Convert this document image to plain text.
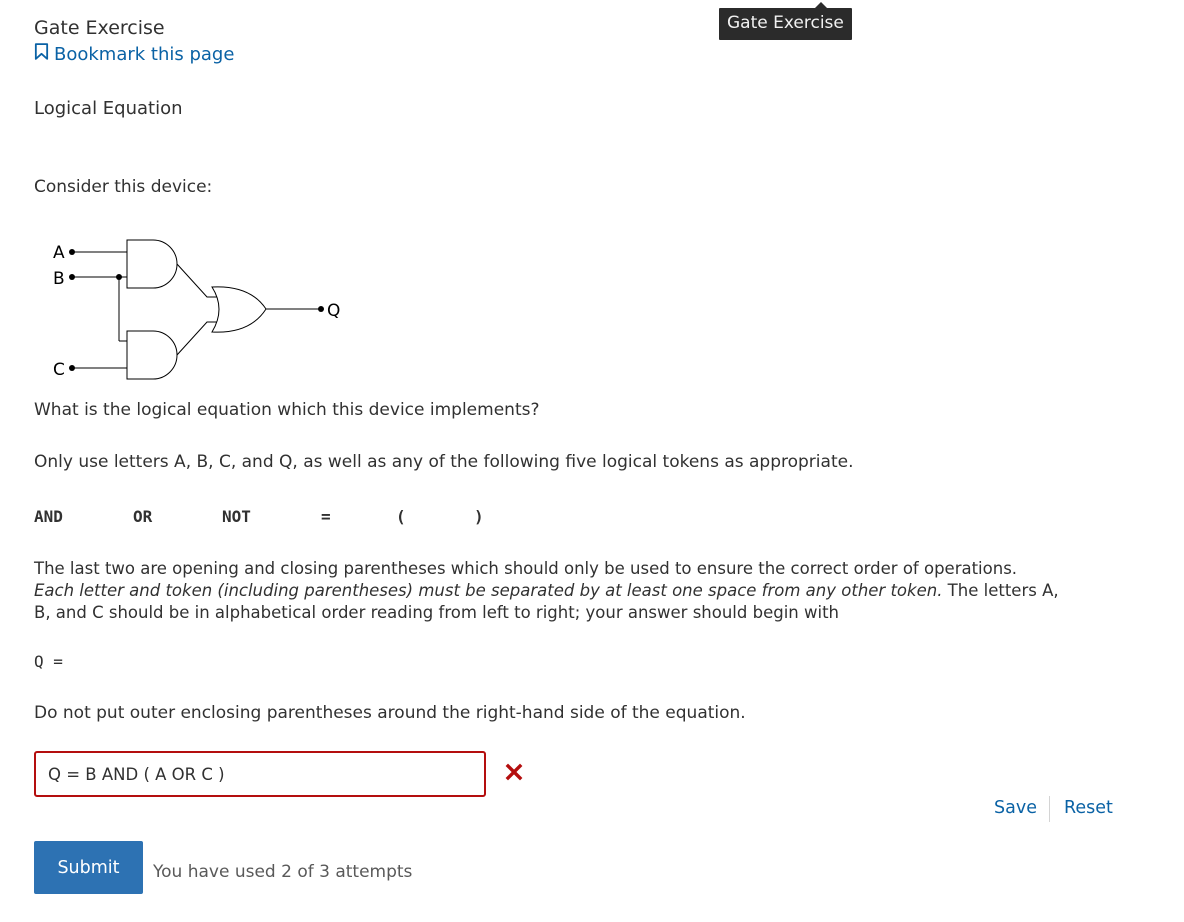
Gate Exercise
Bookmark this page
Gate Exercise
Logical Equation
Consider this device:
A
B
C
Q
What is the logical equation which this device implements?
Only use letters A, B, C, and Q, as well as any of the following five logical tokens as appropriate.
AND	OR	NOT	=	(	)
The last two are opening and closing parentheses which should only be used to ensure the correct order of operations.
Each letter and token (including parentheses) must be separated by at least one space from any other token. The letters A,
B, and C should be in alphabetical order reading from left to right; your answer should begin with
Q =
Do not put outer enclosing parentheses around the right-hand side of the equation.
Q = B AND ( A OR C )
Save Reset
Submit	You have used 2 of 3 attempts
